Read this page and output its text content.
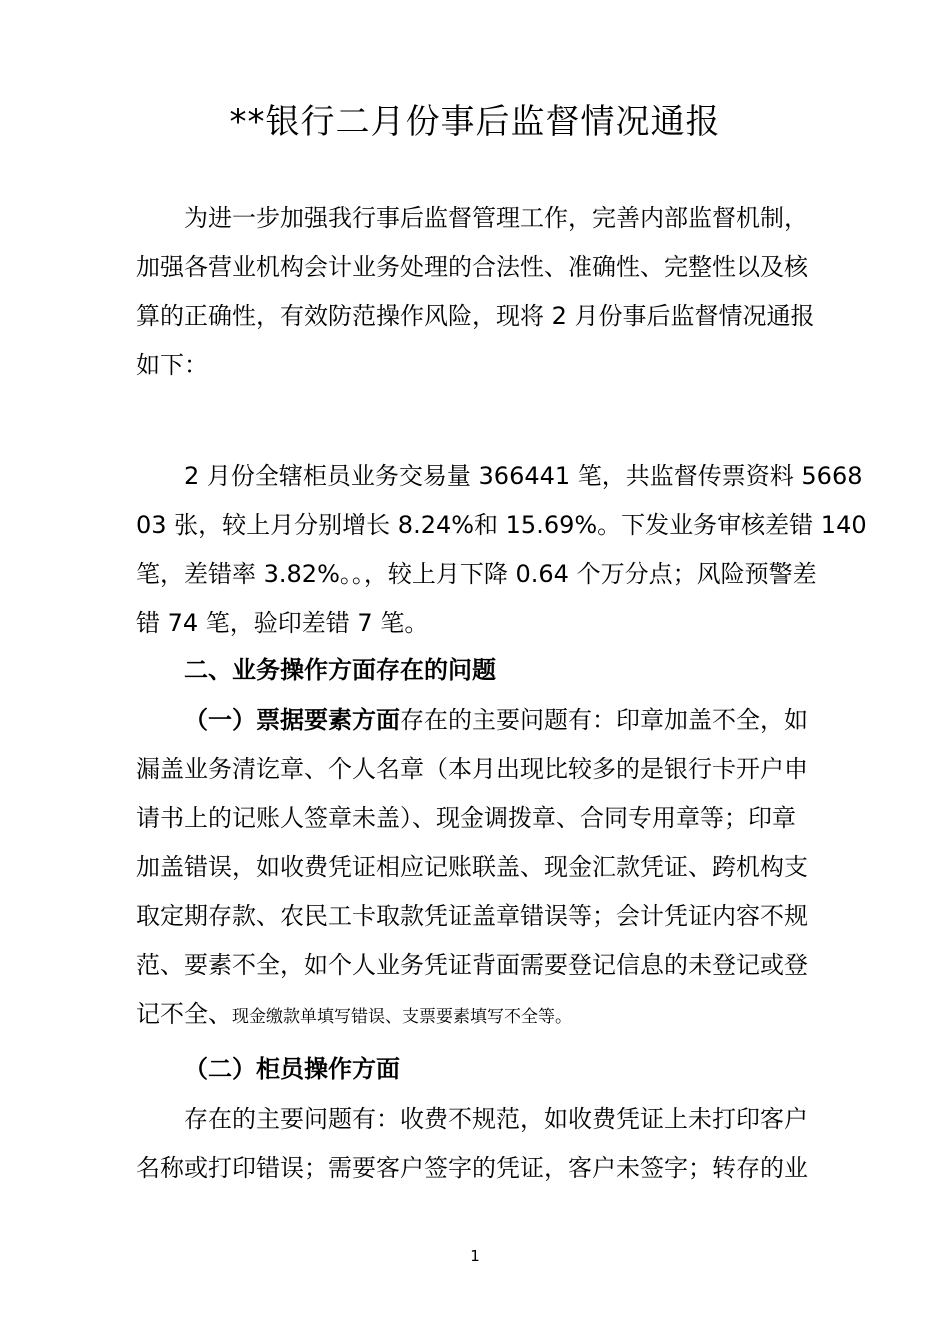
**银行二月份事后监督情况通报
为进一步加强我行事后监督管理工作，完善内部监督机制，
加强各营业机构会计业务处理的合法性、准确性、完整性以及核
算的正确性，有效防范操作风险，现将 2 月份事后监督情况通报
如下：
2 月份全辖柜员业务交易量 366441 笔，共监督传票资料 5668
03 张，较上月分别增长 8.24%和 15.69%。下发业务审核差错 140
笔，差错率 3.82%。。，较上月下降 0.64 个万分点；风险预警差
错 74 笔，验印差错 7 笔。
二、业务操作方面存在的问题
（一）票据要素方面存在的主要问题有：印章加盖不全，如
漏盖业务清讫章、个人名章（本月出现比较多的是银行卡开户申
请书上的记账人签章未盖）、现金调拨章、合同专用章等；印章
加盖错误，如收费凭证相应记账联盖、现金汇款凭证、跨机构支
取定期存款、农民工卡取款凭证盖章错误等；会计凭证内容不规
范、要素不全，如个人业务凭证背面需要登记信息的未登记或登
记不全、现金缴款单填写错误、支票要素填写不全等。
（二）柜员操作方面
存在的主要问题有：收费不规范，如收费凭证上未打印客户
名称或打印错误；需要客户签字的凭证，客户未签字；转存的业
1
